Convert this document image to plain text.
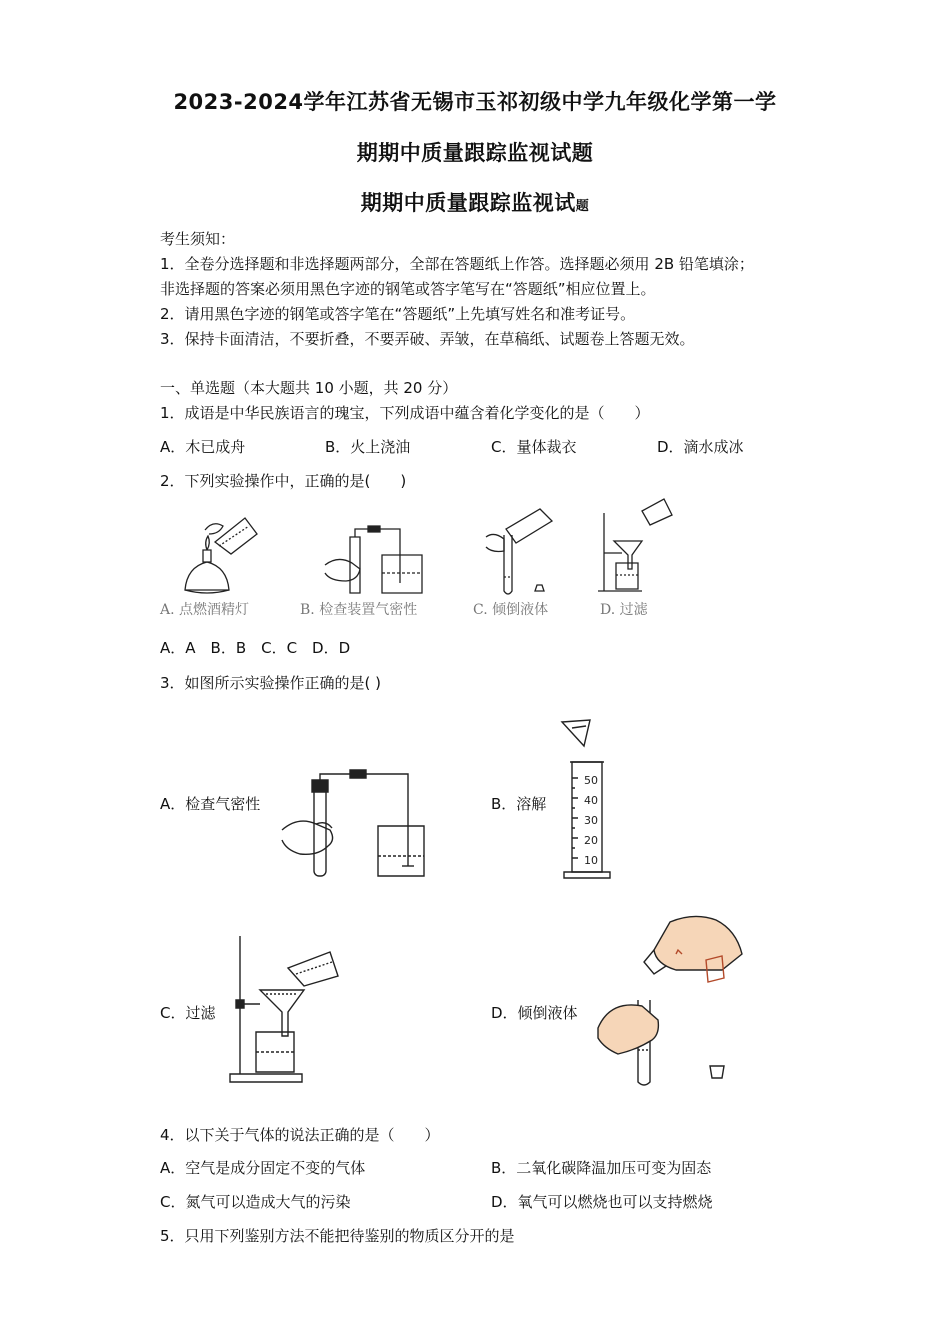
2023-2024学年江苏省无锡市玉祁初级中学九年级化学第一学
期期中质量跟踪监视试题
期期中质量跟踪监视试题
考生须知：
1．全卷分选择题和非选择题两部分，全部在答题纸上作答。选择题必须用 2B 铅笔填涂；
非选择题的答案必须用黑色字迹的钢笔或答字笔写在“答题纸”相应位置上。
2．请用黑色字迹的钢笔或答字笔在“答题纸”上先填写姓名和准考证号。
3．保持卡面清洁，不要折叠，不要弄破、弄皱，在草稿纸、试题卷上答题无效。
一、单选题（本大题共 10 小题，共 20 分）
1．成语是中华民族语言的瑰宝，下列成语中蕴含着化学变化的是（　　）
A．木已成舟	B．火上浇油	C．量体裁衣	D．滴水成冰
2．下列实验操作中，正确的是(　　)
A. 点燃酒精灯	B. 检查装置气密性	C. 倾倒液体	D. 过滤
A．A　B．B　C．C　D．D
3．如图所示实验操作正确的是( )
A．检查气密性	B．溶解
50
40
30
20
10
C．过滤	D．倾倒液体
4．以下关于气体的说法正确的是（　　）
A．空气是成分固定不变的气体	B．二氧化碳降温加压可变为固态
C．氮气可以造成大气的污染	D．氧气可以燃烧也可以支持燃烧
5．只用下列鉴别方法不能把待鉴别的物质区分开的是
